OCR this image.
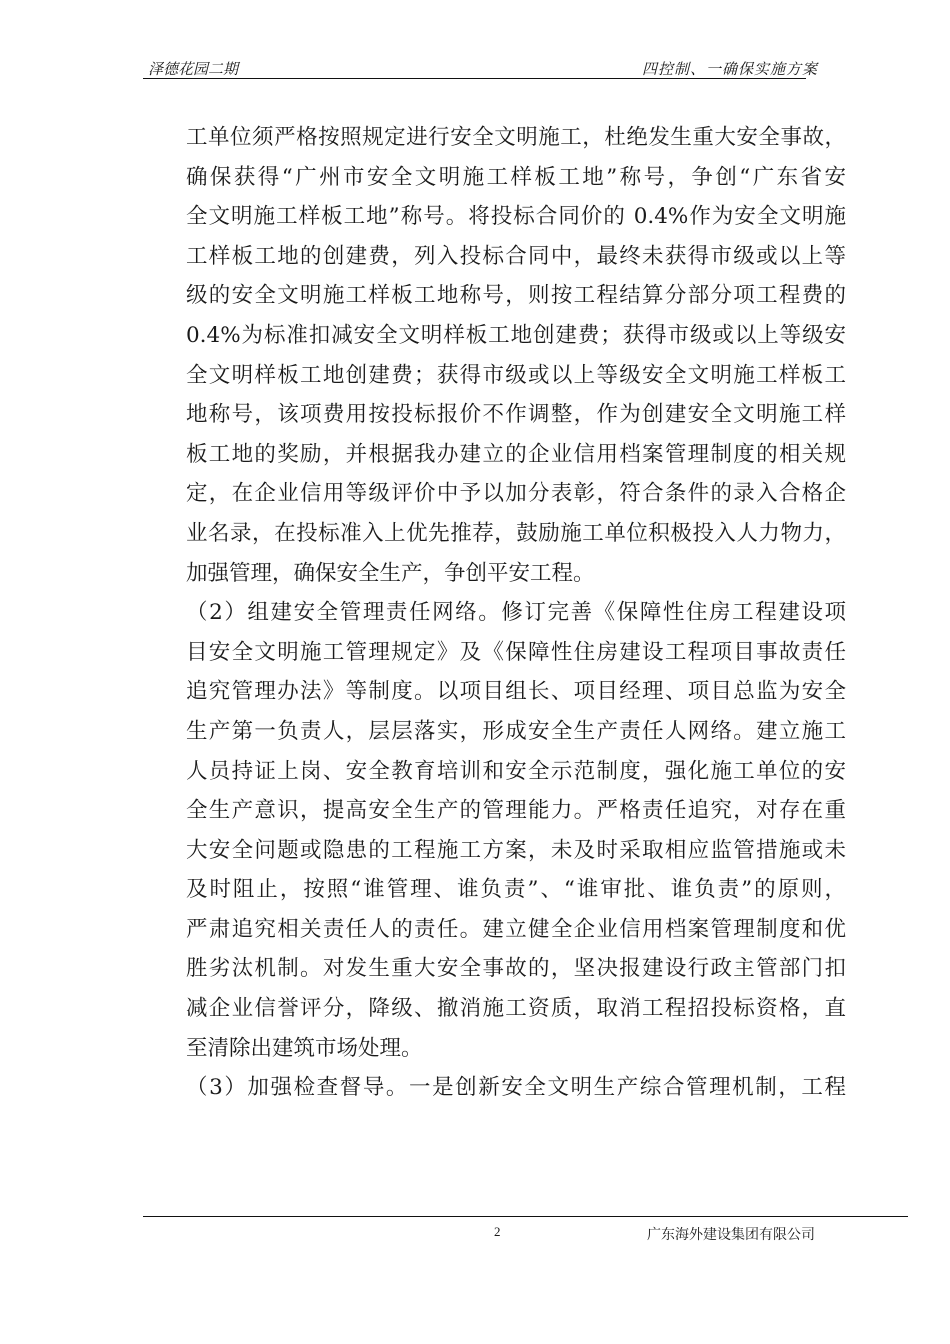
泽德花园二期	四控制、一确保实施方案
工单位须严格按照规定进行安全文明施工，杜绝发生重大安全事故，
确保获得“广州市安全文明施工样板工地”称号，争创“广东省安
全文明施工样板工地”称号。将投标合同价的 0.4%作为安全文明施
工样板工地的创建费，列入投标合同中，最终未获得市级或以上等
级的安全文明施工样板工地称号，则按工程结算分部分项工程费的
0.4%为标准扣减安全文明样板工地创建费；获得市级或以上等级安
全文明样板工地创建费；获得市级或以上等级安全文明施工样板工
地称号，该项费用按投标报价不作调整，作为创建安全文明施工样
板工地的奖励，并根据我办建立的企业信用档案管理制度的相关规
定，在企业信用等级评价中予以加分表彰，符合条件的录入合格企
业名录，在投标准入上优先推荐，鼓励施工单位积极投入人力物力，
加强管理，确保安全生产，争创平安工程。
（2）组建安全管理责任网络。修订完善《保障性住房工程建设项
目安全文明施工管理规定》及《保障性住房建设工程项目事故责任
追究管理办法》等制度。以项目组长、项目经理、项目总监为安全
生产第一负责人，层层落实，形成安全生产责任人网络。建立施工
人员持证上岗、安全教育培训和安全示范制度，强化施工单位的安
全生产意识，提高安全生产的管理能力。严格责任追究，对存在重
大安全问题或隐患的工程施工方案，未及时采取相应监管措施或未
及时阻止，按照“谁管理、谁负责”、“谁审批、谁负责”的原则，
严肃追究相关责任人的责任。建立健全企业信用档案管理制度和优
胜劣汰机制。对发生重大安全事故的，坚决报建设行政主管部门扣
减企业信誉评分，降级、撤消施工资质，取消工程招投标资格，直
至清除出建筑市场处理。
（3）加强检查督导。一是创新安全文明生产综合管理机制，工程
2	广东海外建设集团有限公司
